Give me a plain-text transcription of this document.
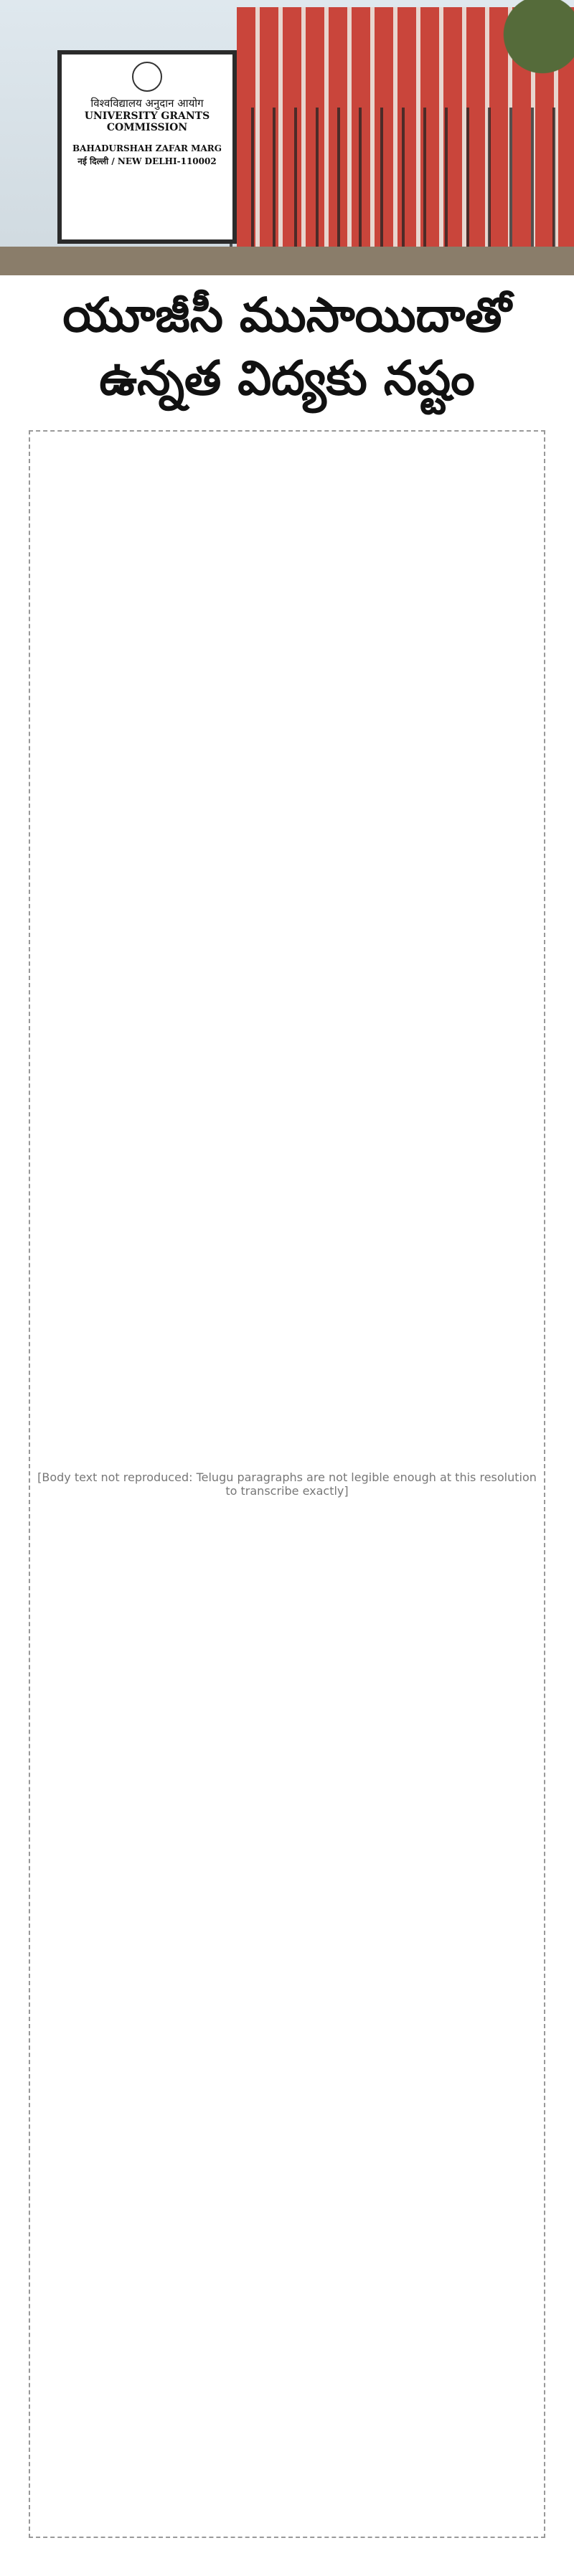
विश्वविद्यालय अनुदान आयोग
UNIVERSITY GRANTS COMMISSION
BAHADURSHAH ZAFAR MARG
नई दिल्ली / NEW DELHI-110002
యూజీసీ ముసాయిదాతో
ఉన్నత విద్యకు నష్టం
[Body text not reproduced: Telugu paragraphs are not legible enough at this resolution to transcribe exactly]
